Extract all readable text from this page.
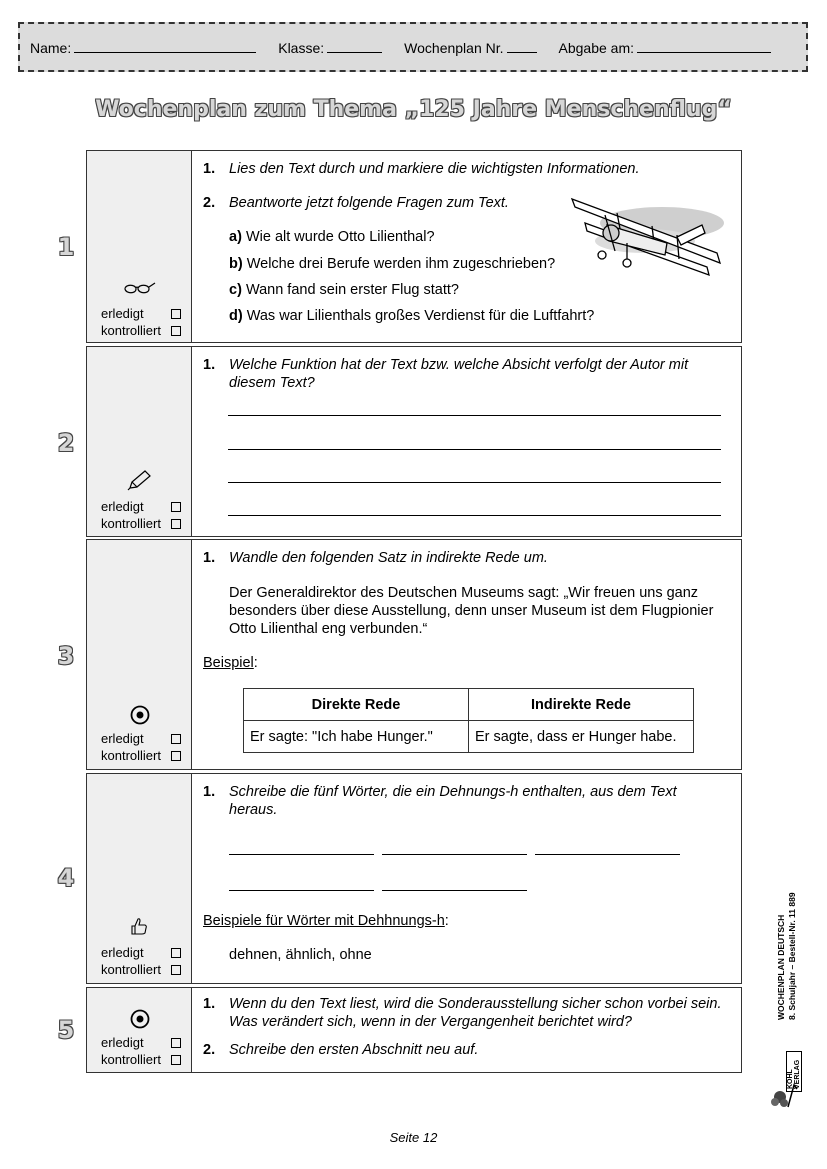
Name:	Klasse:	Wochenplan Nr.	Abgabe am:
Wochenplan zum Thema „125 Jahre Menschenflug“
1
2
3
4
5
erledigt
kontrolliert
1. Lies den Text durch und markiere die wichtigsten Informationen.
2. Beantworte jetzt folgende Fragen zum Text.
a) Wie alt wurde Otto Lilienthal?
b) Welche drei Berufe werden ihm zugeschrieben?
c) Wann fand sein erster Flug statt?
d) Was war Lilienthals großes Verdienst für die Luftfahrt?
erledigt
kontrolliert
1. Welche Funktion hat der Text bzw. welche Absicht verfolgt der Autor mit diesem Text?
erledigt
kontrolliert
1. Wandle den folgenden Satz in indirekte Rede um.
Der Generaldirektor des Deutschen Museums sagt: „Wir freuen uns ganz besonders über diese Ausstellung, denn unser Museum ist dem Flugpionier Otto Lilienthal eng verbunden.“
Beispiel:
Direkte Rede	Indirekte Rede
Er sagte: "Ich habe Hunger."	Er sagte, dass er Hunger habe.
erledigt
kontrolliert
1. Schreibe die fünf Wörter, die ein Dehnungs-h enthalten, aus dem Text heraus.
Beispiele für Wörter mit Dehhnungs-h:
dehnen, ähnlich, ohne
erledigt
kontrolliert
1. Wenn du den Text liest, wird die Sonderausstellung sicher schon vorbei sein. Was verändert sich, wenn in der Vergangenheit berichtet wird?
2. Schreibe den ersten Abschnitt neu auf.
WOCHENPLAN DEUTSCH 8. Schuljahr – Bestell-Nr. 11 889
KOHL VERLAG
Seite 12
